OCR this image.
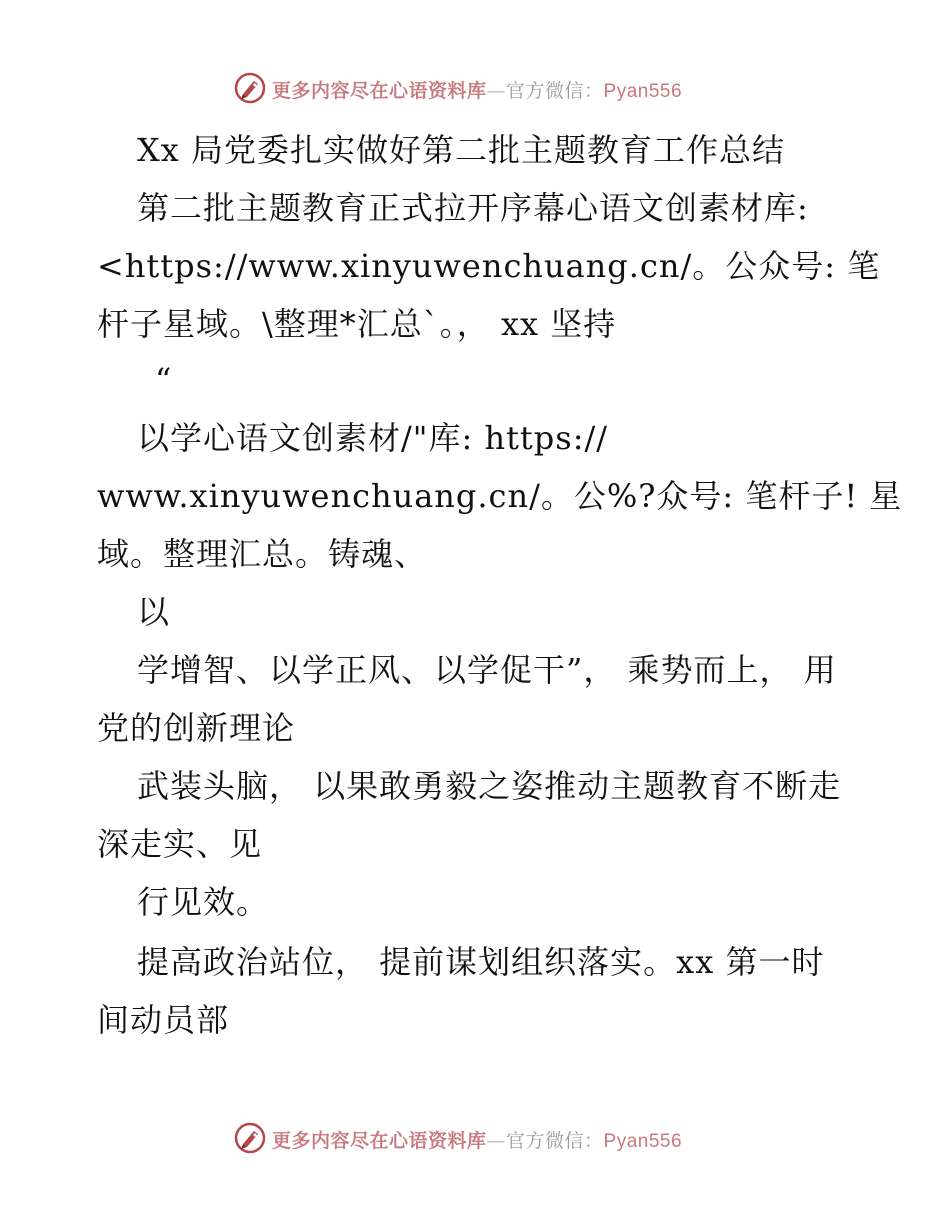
更多内容尽在心语资料库—官方微信：Pyan556
Xx 局党委扎实做好第二批主题教育工作总结
第二批主题教育正式拉开序幕心语文创素材库:
<https://www.xinyuwenchuang.cn/。公众号: 笔
杆子星域。\整理*汇总`。， xx 坚持
“
以学心语文创素材/"库: https://
www.xinyuwenchuang.cn/。公%?众号: 笔杆子! 星
域。整理汇总。铸魂、
以
学增智、以学正风、以学促干”， 乘势而上， 用
党的创新理论
武装头脑， 以果敢勇毅之姿推动主题教育不断走
深走实、见
行见效。
提高政治站位， 提前谋划组织落实。xx 第一时
间动员部
更多内容尽在心语资料库—官方微信：Pyan556
